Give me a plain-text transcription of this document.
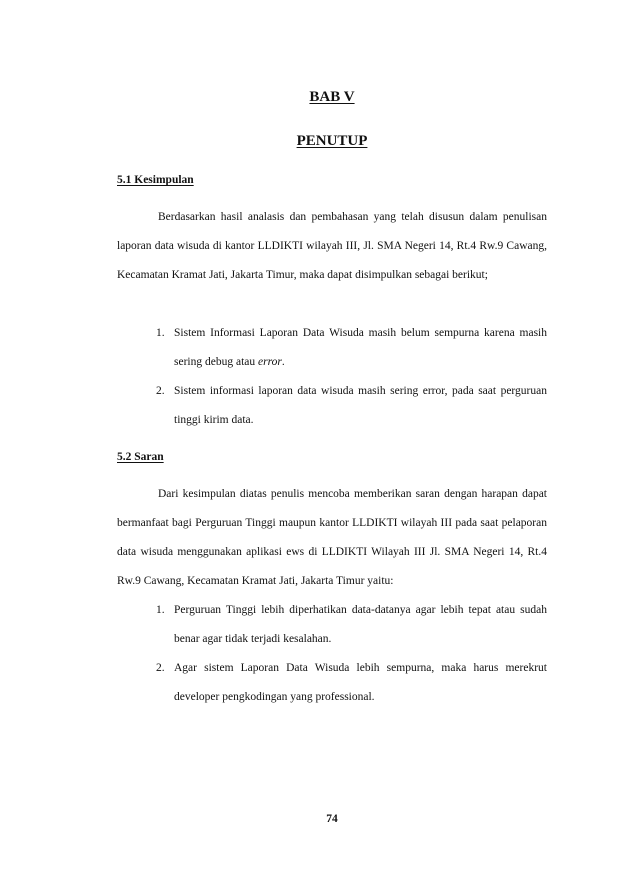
BAB V
PENUTUP
5.1 Kesimpulan

Berdasarkan hasil analasis dan pembahasan yang telah disusun dalam penulisan laporan data wisuda di kantor LLDIKTI wilayah III, Jl. SMA Negeri 14, Rt.4 Rw.9 Cawang, Kecamatan Kramat Jati, Jakarta Timur, maka dapat disimpulkan sebagai berikut;

1. Sistem Informasi Laporan Data Wisuda masih belum sempurna karena masih sering debug atau error.
2. Sistem informasi laporan data wisuda masih sering error, pada saat perguruan tinggi kirim data.
5.2 Saran

Dari kesimpulan diatas penulis mencoba memberikan saran dengan harapan dapat bermanfaat bagi Perguruan Tinggi maupun kantor LLDIKTI wilayah III pada saat pelaporan data wisuda menggunakan aplikasi ews di LLDIKTI Wilayah III Jl. SMA Negeri 14, Rt.4 Rw.9 Cawang, Kecamatan Kramat Jati, Jakarta Timur yaitu:

1. Perguruan Tinggi lebih diperhatikan data-datanya agar lebih tepat atau sudah benar agar tidak terjadi kesalahan.
2. Agar sistem Laporan Data Wisuda lebih sempurna, maka harus merekrut developer pengkodingan yang professional.
74
